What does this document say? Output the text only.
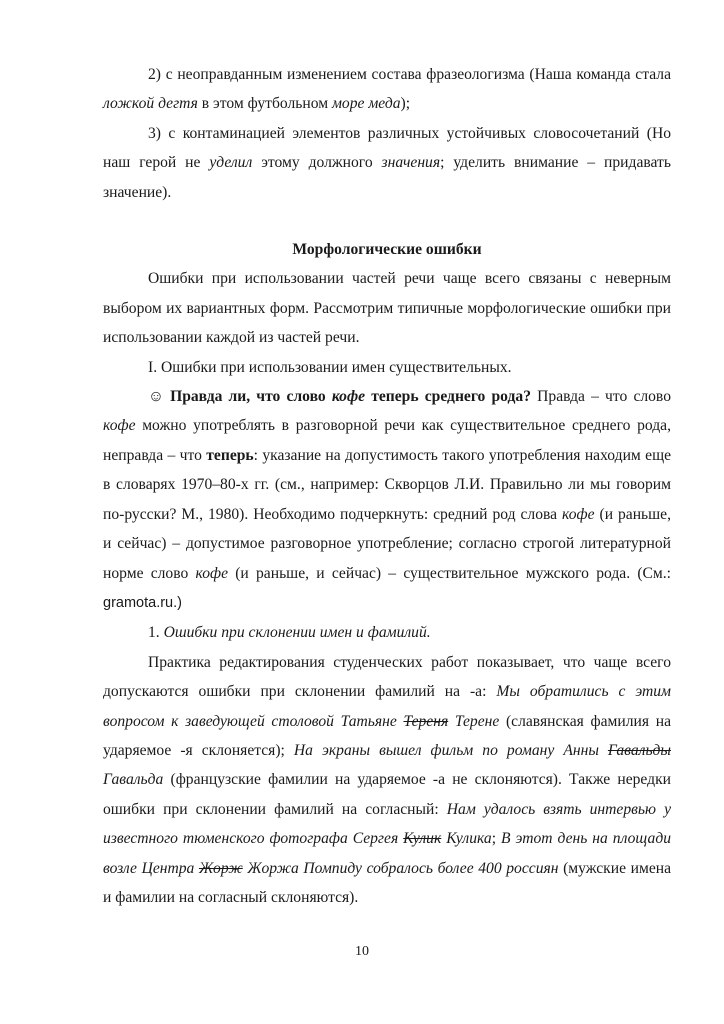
2) с неоправданным изменением состава фразеологизма (Наша команда стала ложкой дегтя в этом футбольном море меда);

3) с контаминацией элементов различных устойчивых словосочетаний (Но наш герой не уделил этому должного значения; уделить внимание – придавать значение).

Морфологические ошибки

Ошибки при использовании частей речи чаще всего связаны с неверным выбором их вариантных форм. Рассмотрим типичные морфологические ошибки при использовании каждой из частей речи.

I. Ошибки при использовании имен существительных.

☺ Правда ли, что слово кофе теперь среднего рода? Правда – что слово кофе можно употреблять в разговорной речи как существительное среднего рода, неправда – что теперь: указание на допустимость такого употребления находим еще в словарях 1970–80-х гг. (см., например: Скворцов Л.И. Правильно ли мы говорим по-русски? М., 1980). Необходимо подчеркнуть: средний род слова кофе (и раньше, и сейчас) – допустимое разговорное употребление; согласно строгой литературной норме слово кофе (и раньше, и сейчас) – существительное мужского рода. (См.: gramota.ru.)

1. Ошибки при склонении имен и фамилий.

Практика редактирования студенческих работ показывает, что чаще всего допускаются ошибки при склонении фамилий на -а: Мы обратились с этим вопросом к заведующей столовой Татьяне Тереня Терене (славянская фамилия на ударяемое -я склоняется); На экраны вышел фильм по роману Анны Гавальды Гавальда (французские фамилии на ударяемое -а не склоняются). Также нередки ошибки при склонении фамилий на согласный: Нам удалось взять интервью у известного тюменского фотографа Сергея Кулик Кулика; В этот день на площади возле Центра Жорж Жоржа Помпиду собралось более 400 россиян (мужские имена и фамилии на согласный склоняются).

10
